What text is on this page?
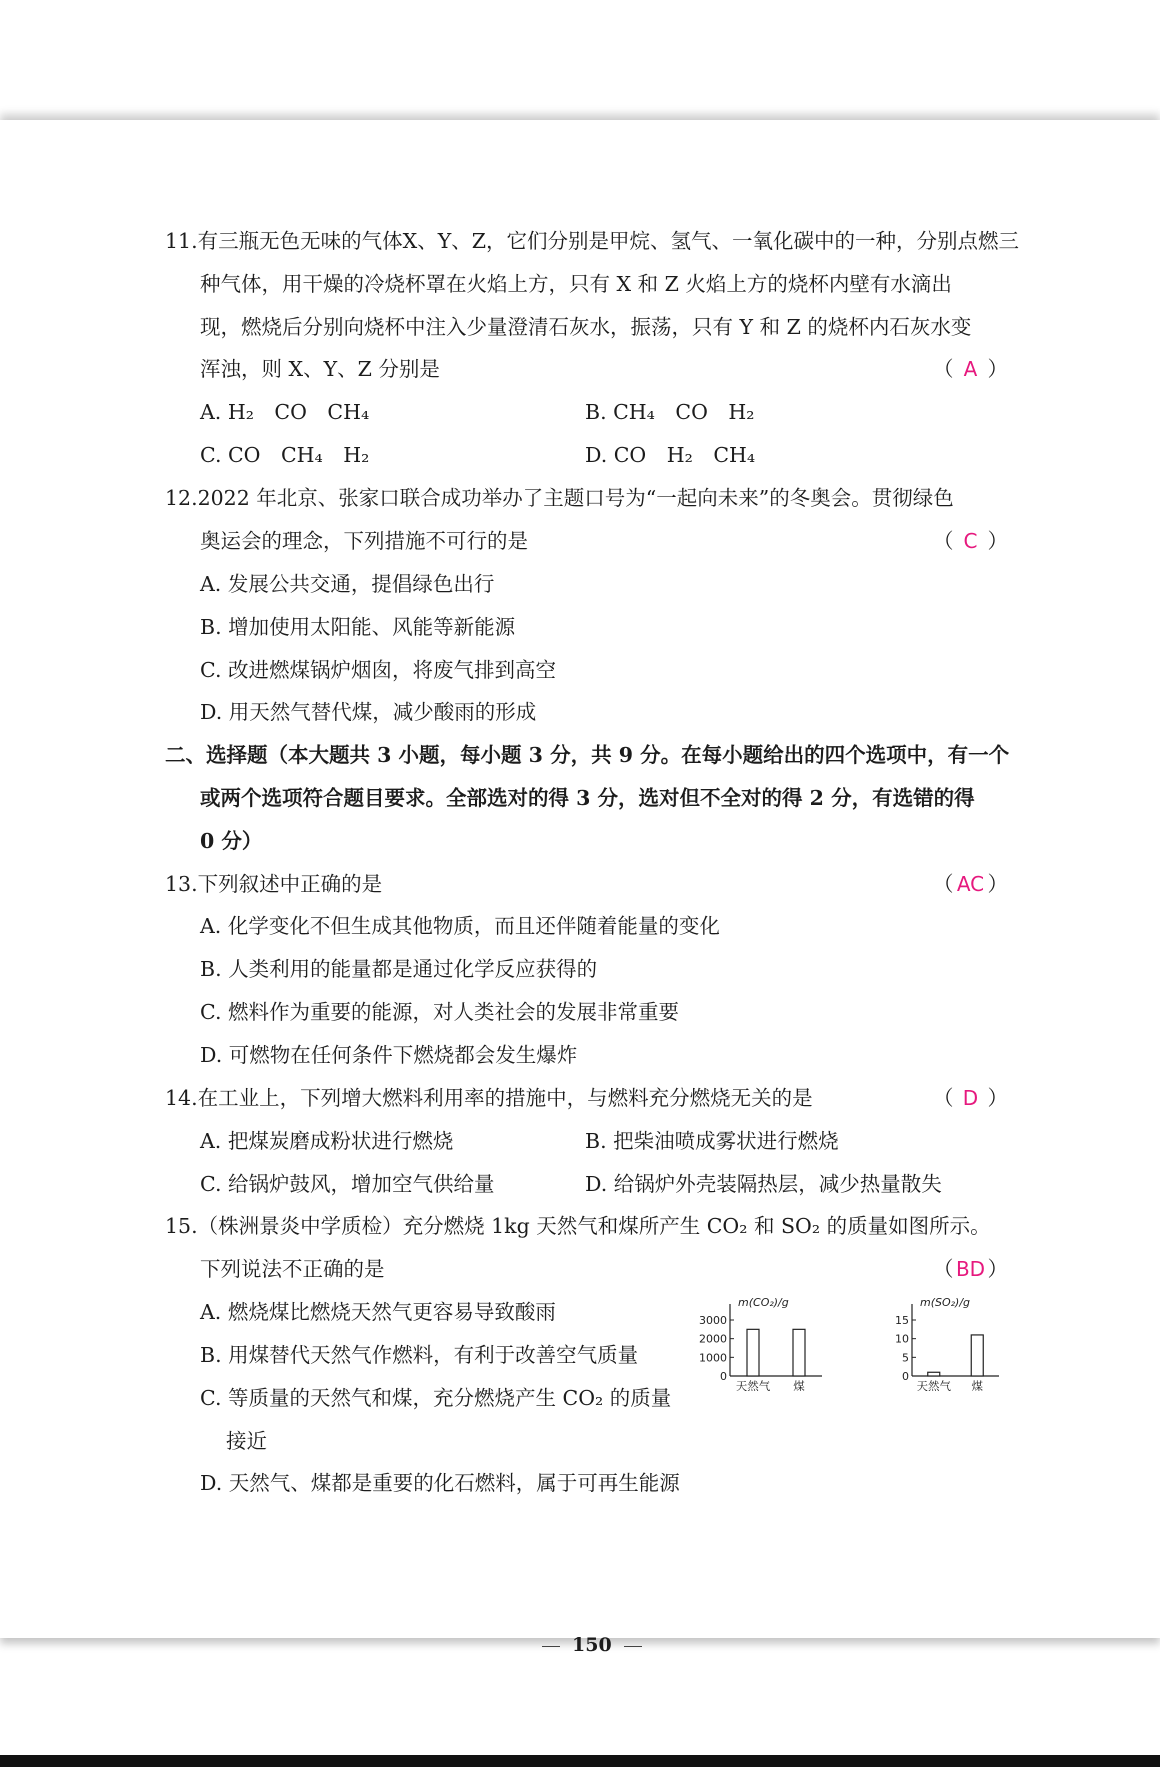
11.有三瓶无色无味的气体X、Y、Z，它们分别是甲烷、氢气、一氧化碳中的一种，分别点燃三
种气体，用干燥的冷烧杯罩在火焰上方，只有 X 和 Z 火焰上方的烧杯内壁有水滴出
现，燃烧后分别向烧杯中注入少量澄清石灰水，振荡，只有 Y 和 Z 的烧杯内石灰水变
浑浊，则 X、Y、Z 分别是	（ A ）
A. H₂　CO　CH₄	B. CH₄　CO　H₂
C. CO　CH₄　H₂	D. CO　H₂　CH₄
12.2022 年北京、张家口联合成功举办了主题口号为“一起向未来”的冬奥会。贯彻绿色
奥运会的理念，下列措施不可行的是	（ C ）
A. 发展公共交通，提倡绿色出行
B. 增加使用太阳能、风能等新能源
C. 改进燃煤锅炉烟囱，将废气排到高空
D. 用天然气替代煤，减少酸雨的形成
二、选择题（本大题共 3 小题，每小题 3 分，共 9 分。在每小题给出的四个选项中，有一个
或两个选项符合题目要求。全部选对的得 3 分，选对但不全对的得 2 分，有选错的得
0 分）
13.下列叙述中正确的是	（ AC ）
A. 化学变化不但生成其他物质，而且还伴随着能量的变化
B. 人类利用的能量都是通过化学反应获得的
C. 燃料作为重要的能源，对人类社会的发展非常重要
D. 可燃物在任何条件下燃烧都会发生爆炸
14.在工业上，下列增大燃料利用率的措施中，与燃料充分燃烧无关的是	（ D ）
A. 把煤炭磨成粉状进行燃烧	B. 把柴油喷成雾状进行燃烧
C. 给锅炉鼓风，增加空气供给量	D. 给锅炉外壳装隔热层，减少热量散失
15.（株洲景炎中学质检）充分燃烧 1kg 天然气和煤所产生 CO₂ 和 SO₂ 的质量如图所示。
下列说法不正确的是	（ BD ）
A. 燃烧煤比燃烧天然气更容易导致酸雨
B. 用煤替代天然气作燃料，有利于改善空气质量
C. 等质量的天然气和煤，充分燃烧产生 CO₂ 的质量
接近
D. 天然气、煤都是重要的化石燃料，属于可再生能源
m(CO₂)/g
3000
2000
1000
0
天然气 煤
m(SO₂)/g
15
10
5
0
天然气 煤
150
